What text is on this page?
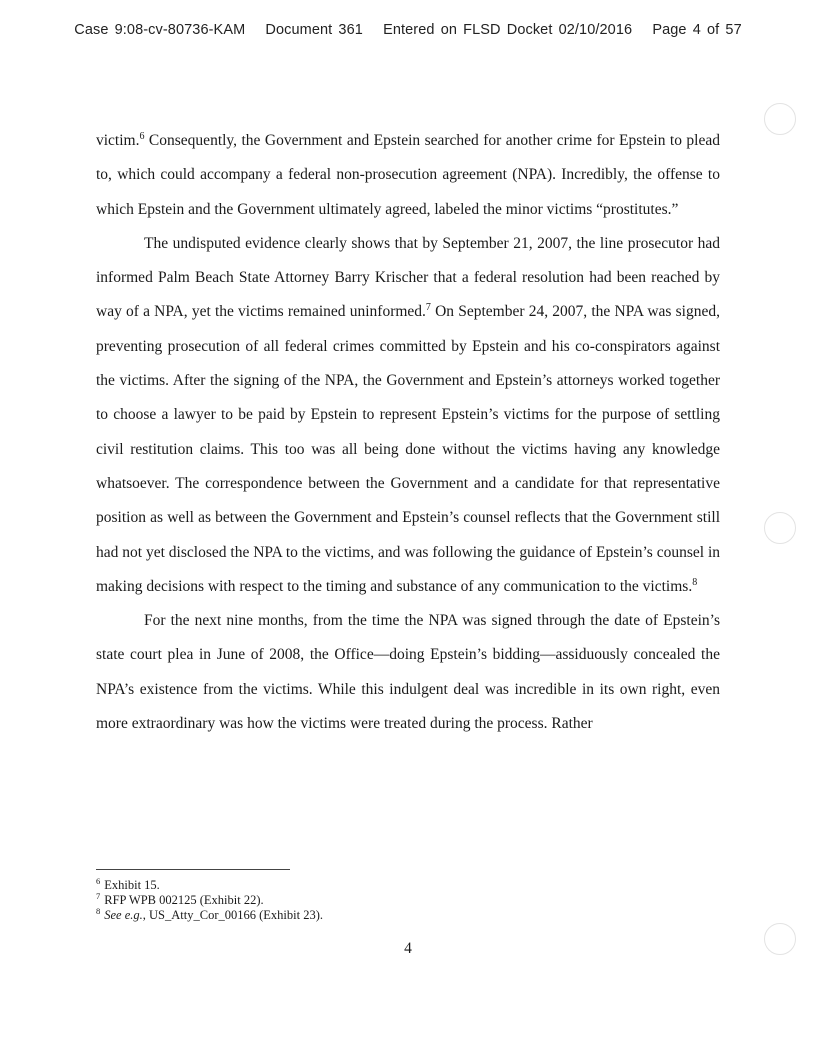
Case 9:08-cv-80736-KAM Document 361 Entered on FLSD Docket 02/10/2016 Page 4 of 57

victim.$^6$ Consequently, the Government and Epstein searched for another crime for Epstein to plead to, which could accompany a federal non-prosecution agreement (NPA). Incredibly, the offense to which Epstein and the Government ultimately agreed, labeled the minor victims “prostitutes.”

The undisputed evidence clearly shows that by September 21, 2007, the line prosecutor had informed Palm Beach State Attorney Barry Krischer that a federal resolution had been reached by way of a NPA, yet the victims remained uninformed.$^7$ On September 24, 2007, the NPA was signed, preventing prosecution of all federal crimes committed by Epstein and his co-conspirators against the victims. After the signing of the NPA, the Government and Epstein’s attorneys worked together to choose a lawyer to be paid by Epstein to represent Epstein’s victims for the purpose of settling civil restitution claims. This too was all being done without the victims having any knowledge whatsoever. The correspondence between the Government and a candidate for that representative position as well as between the Government and Epstein’s counsel reflects that the Government still had not yet disclosed the NPA to the victims, and was following the guidance of Epstein’s counsel in making decisions with respect to the timing and substance of any communication to the victims.$^8$

For the next nine months, from the time the NPA was signed through the date of Epstein’s state court plea in June of 2008, the Office—doing Epstein’s bidding—assiduously concealed the NPA’s existence from the victims. While this indulgent deal was incredible in its own right, even more extraordinary was how the victims were treated during the process. Rather

$^6$ Exhibit 15.
$^7$ RFP WPB 002125 (Exhibit 22).
$^8$ See e.g., US_Atty_Cor_00166 (Exhibit 23).
4
